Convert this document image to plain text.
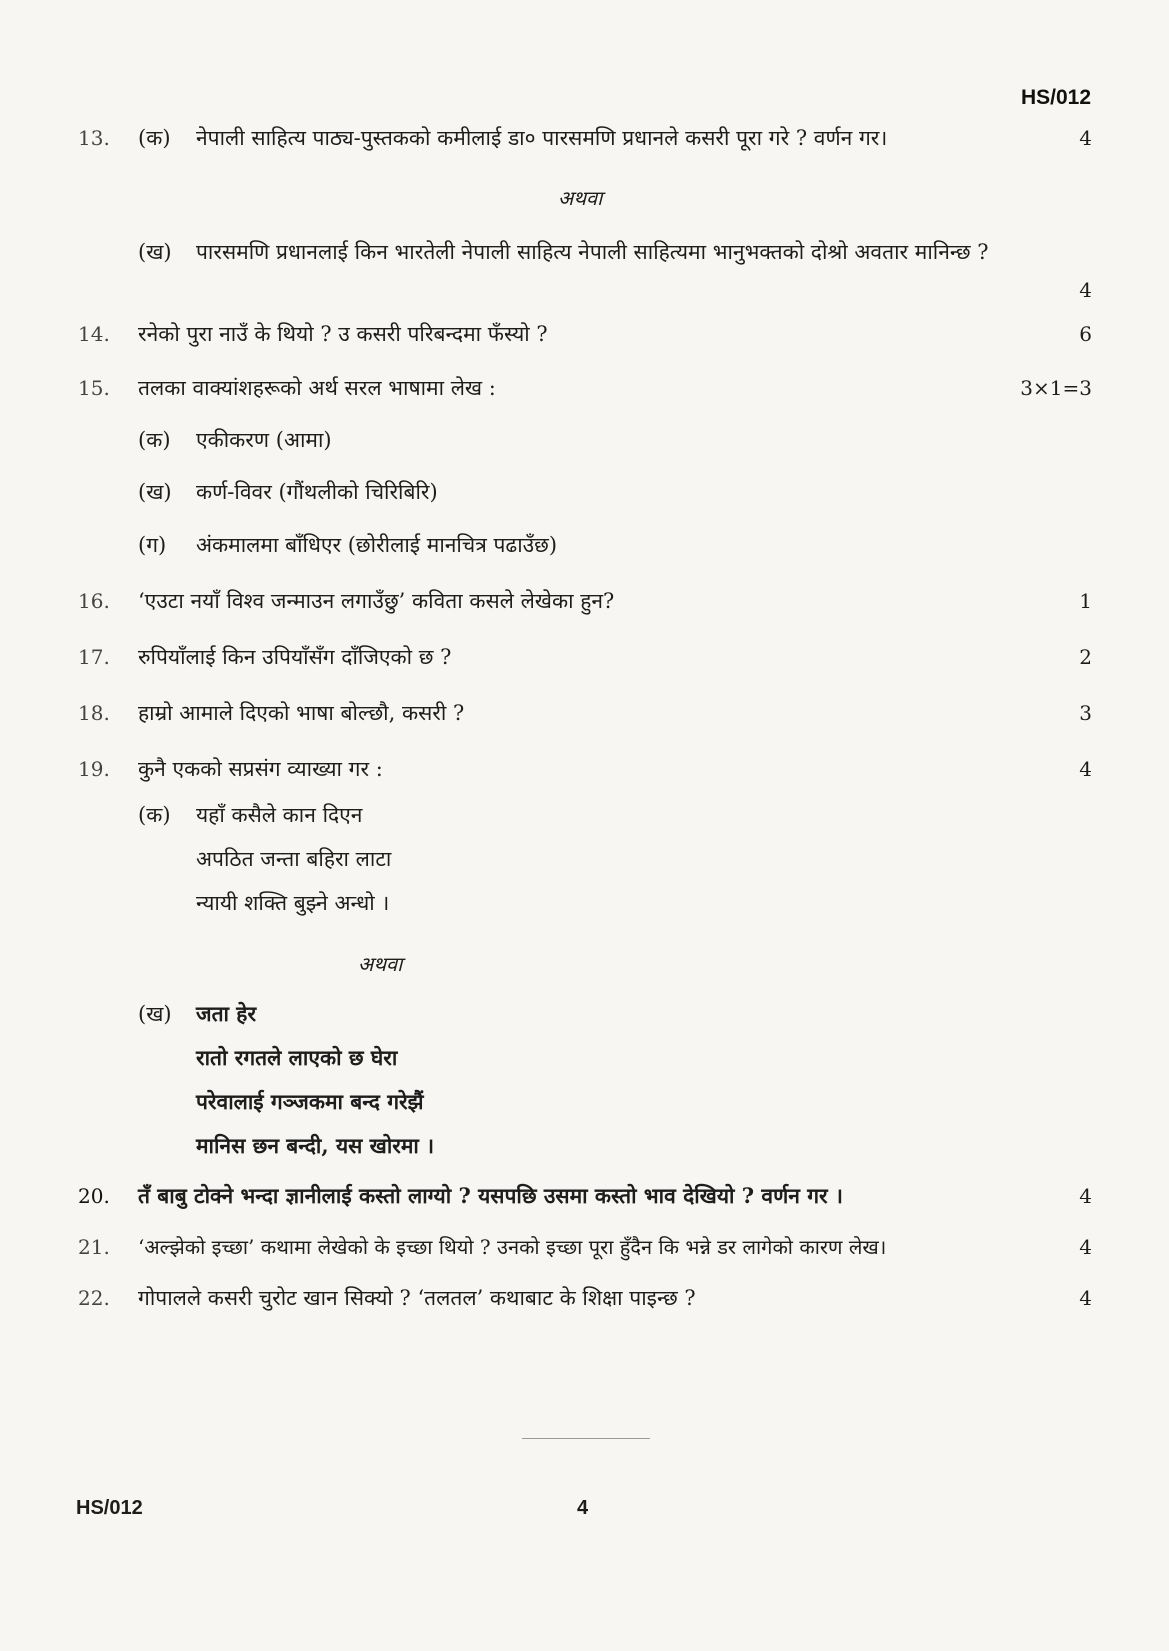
HS/012
13. (क) नेपाली साहित्य पाठ्य-पुस्तकको कमीलाई डा० पारसमणि प्रधानले कसरी पूरा गरे ? वर्णन गर।	4
अथवा
(ख) पारसमणि प्रधानलाई किन भारतेली नेपाली साहित्य नेपाली साहित्यमा भानुभक्तको दोश्रो अवतार मानिन्छ ?
4
14. रनेको पुरा नाउँ के थियो ? उ कसरी परिबन्दमा फँस्यो ?	6
15. तलका वाक्यांशहरूको अर्थ सरल भाषामा लेख :	3×1=3
(क) एकीकरण (आमा)
(ख) कर्ण-विवर (गौंथलीको चिरिबिरि)
(ग) अंकमालमा बाँधिएर (छोरीलाई मानचित्र पढाउँछ)
16. ‘एउटा नयाँ विश्व जन्माउन लगाउँछु’ कविता कसले लेखेका हुन?	1
17. रुपियाँलाई किन उपियाँसँग दाँजिएको छ ?	2
18. हाम्रो आमाले दिएको भाषा बोल्छौ, कसरी ?	3
19. कुनै एकको सप्रसंग व्याख्या गर :	4
(क) यहाँ कसैले कान दिएन
अपठित जन्ता बहिरा लाटा
न्यायी शक्ति बुझ्ने अन्धो ।
अथवा
(ख) जता हेर
रातो रगतले लाएको छ घेरा
परेवालाई गञ्जकमा बन्द गरेझैं
मानिस छन बन्दी, यस खोरमा ।
20. तँ बाबु टोक्ने भन्दा ज्ञानीलाई कस्तो लाग्यो ? यसपछि उसमा कस्तो भाव देखियो ? वर्णन गर ।	4
21. ‘अल्झेको इच्छा’ कथामा लेखेको के इच्छा थियो ? उनको इच्छा पूरा हुँदैन कि भन्ने डर लागेको कारण लेख।	4
22. गोपालले कसरी चुरोट खान सिक्यो ? ‘तलतल’ कथाबाट के शिक्षा पाइन्छ ?	4
HS/012	4
